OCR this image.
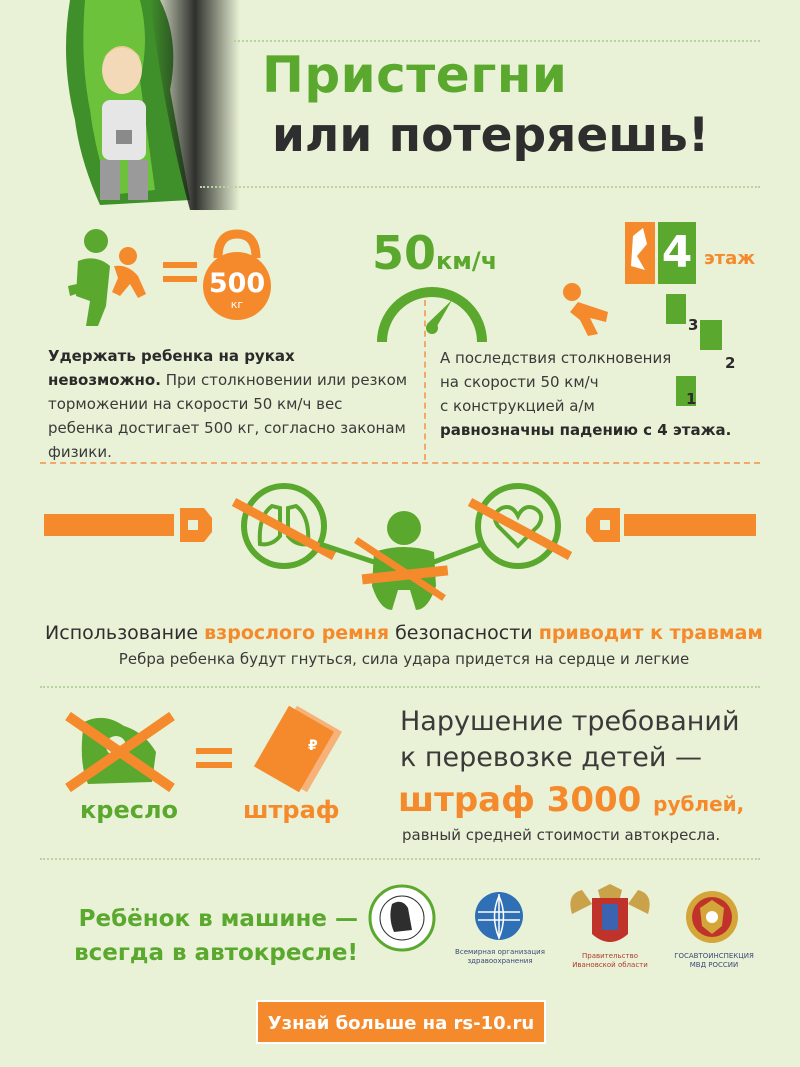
Пристегни
или потеряешь!
500
кг
Удержать ребенка на руках невозможно. При столкновении или резком торможении на скорости 50 км/ч вес ребенка достигает 500 кг, согласно законам физики.
50км/ч	4 этаж
3
2
1
А последствия столкновения
на скорости 50 км/ч
с конструкцией а/м
равнозначны падению с 4 этажа.
Использование взрослого ремня безопасности приводит к травмам
Ребра ребенка будут гнуться, сила удара придется на сердце и легкие
₽
кресло	штраф
Нарушение требований
к перевозке детей —
штраф 3000 рублей,
равный средней стоимости автокресла.
Ребёнок в машине —
всегда в автокресле!	Всемирная организация
здравоохранения
Правительство
Ивановской области
ГОСАВТОИНСПЕКЦИЯ
МВД РОССИИ
Узнай больше на rs-10.ru
